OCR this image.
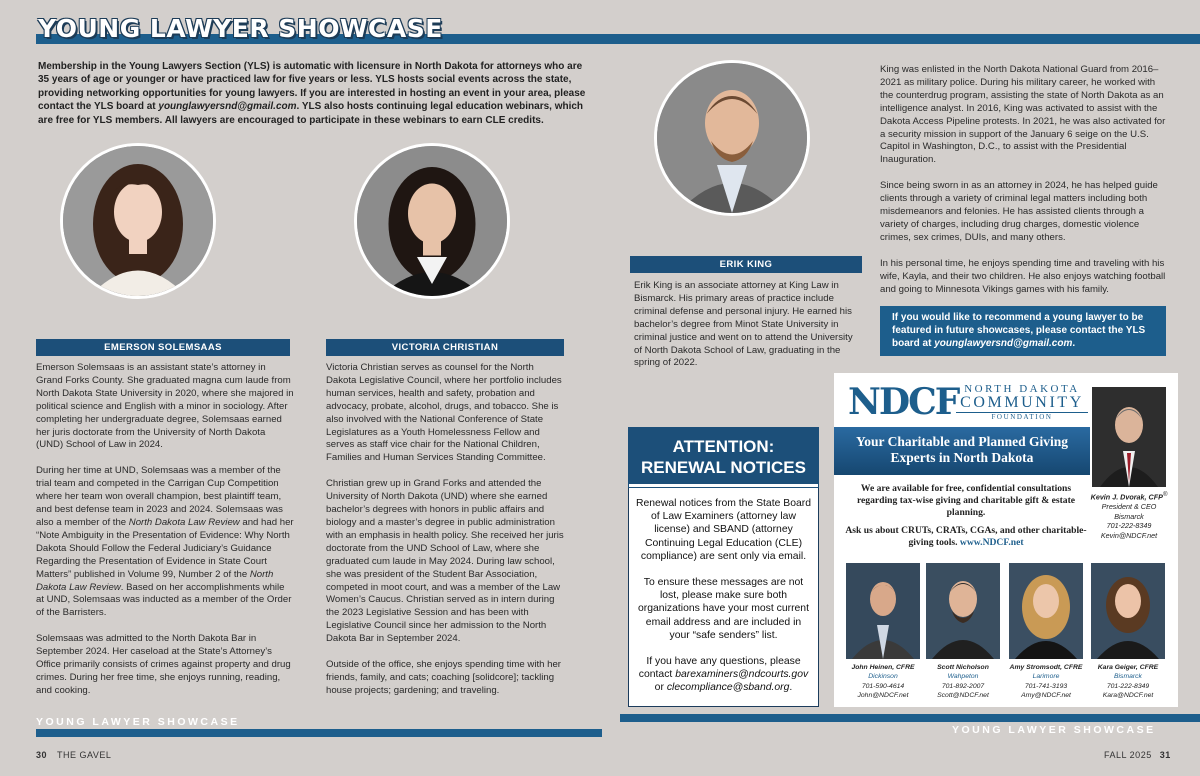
YOUNG LAWYER SHOWCASE
Membership in the Young Lawyers Section (YLS) is automatic with licensure in North Dakota for attorneys who are 35 years of age or younger or have practiced law for five years or less. YLS hosts social events across the state, providing networking opportunities for young lawyers. If you are interested in hosting an event in your area, please contact the YLS board at younglawyersnd@gmail.com. YLS also hosts continuing legal education webinars, which are free for YLS members. All lawyers are encouraged to participate in these webinars to earn CLE credits.
EMERSON SOLEMSAAS	VICTORIA CHRISTIAN
ERIK KING

Emerson Solemsaas is an assistant state’s attorney in Grand Forks County. She graduated magna cum laude from North Dakota State University in 2020, where she majored in political science and English with a minor in sociology. After completing her undergraduate degree, Solemsaas earned her juris doctorate from the University of North Dakota (UND) School of Law in 2024.

During her time at UND, Solemsaas was a member of the trial team and competed in the Carrigan Cup Competition where her team won overall champion, best plaintiff team, and best defense team in 2023 and 2024. Solemsaas was also a member of the North Dakota Law Review and had her “Note Ambiguity in the Presentation of Evidence: Why North Dakota Should Follow the Federal Judiciary’s Guidance Regarding the Presentation of Evidence in State Court Matters” published in Volume 99, Number 2 of the North Dakota Law Review. Based on her accomplishments while at UND, Solemsaas was inducted as a member of the Order of the Barristers.

Solemsaas was admitted to the North Dakota Bar in September 2024. Her caseload at the State’s Attorney’s Office primarily consists of crimes against property and drug crimes. During her free time, she enjoys running, reading, and cooking.

Victoria Christian serves as counsel for the North Dakota Legislative Council, where her portfolio includes human services, health and safety, probation and advocacy, probate, alcohol, drugs, and tobacco. She is also involved with the National Conference of State Legislatures as a Youth Homelessness Fellow and serves as staff vice chair for the National Children, Families and Human Services Standing Committee.

Christian grew up in Grand Forks and attended the University of North Dakota (UND) where she earned bachelor’s degrees with honors in public affairs and biology and a master’s degree in public administration with an emphasis in health policy. She received her juris doctorate from the UND School of Law, where she graduated cum laude in May 2024. During law school, she was president of the Student Bar Association, competed in moot court, and was a member of the Law Women’s Caucus. Christian served as in intern during the 2023 Legislative Session and has been with Legislative Council since her admission to the North Dakota Bar in September 2024.

Outside of the office, she enjoys spending time with her friends, family, and cats; coaching [solidcore]; tackling house projects; gardening; and traveling.

Erik King is an associate attorney at King Law in Bismarck. His primary areas of practice include criminal defense and personal injury. He earned his bachelor’s degree from Minot State University in criminal justice and went on to attend the University of North Dakota School of Law, graduating in the spring of 2022.

King was enlisted in the North Dakota National Guard from 2016–2021 as military police. During his military career, he worked with the counterdrug program, assisting the state of North Dakota as an intelligence analyst. In 2016, King was activated to assist with the Dakota Access Pipeline protests. In 2021, he was also activated for a security mission in support of the January 6 seige on the U.S. Capitol in Washington, D.C., to assist with the Presidential Inauguration.

Since being sworn in as an attorney in 2024, he has helped guide clients through a variety of criminal legal matters including both misdemeanors and felonies. He has assisted clients through a variety of charges, including drug charges, domestic violence crimes, sex crimes, DUIs, and many others.

In his personal time, he enjoys spending time and traveling with his wife, Kayla, and their two children. He also enjoys watching football and going to Minnesota Vikings games with his family.

If you would like to recommend a young lawyer to be featured in future showcases, please contact the YLS board at younglawyersnd@gmail.com.
ATTENTION:
RENEWAL NOTICES

Renewal notices from the State Board of Law Examiners (attorney law license) and SBAND (attorney Continuing Legal Education (CLE) compliance) are sent only via email.

To ensure these messages are not lost, please make sure both organizations have your most current email address and are included in your “safe senders” list.

If you have any questions, please contact barexaminers@ndcourts.gov or clecompliance@sband.org.

NDCF NORTH DAKOTA
COMMUNITY
FOUNDATION
Your Charitable and Planned Giving
Experts in North Dakota

We are available for free, confidential consultations regarding tax-wise giving and charitable gift & estate planning.

Ask us about CRUTs, CRATs, CGAs, and other charitable-giving tools. www.NDCF.net

Kevin J. Dvorak, CFP®
President & CEO
Bismarck
701-222-8349
Kevin@NDCF.net
John Heinen, CFRE
Dickinson
701-590-4614
John@NDCF.net
Scott Nicholson
Wahpeton
701-892-2007
Scott@NDCF.net
Amy Stromsodt, CFRE
Larimore
701-741-3193
Amy@NDCF.net
Kara Geiger, CFRE
Bismarck
701-222-8349
Kara@NDCF.net
YOUNG LAWYER SHOWCASE
YOUNG LAWYER SHOWCASE
30 THE GAVEL	FALL 2025 31
